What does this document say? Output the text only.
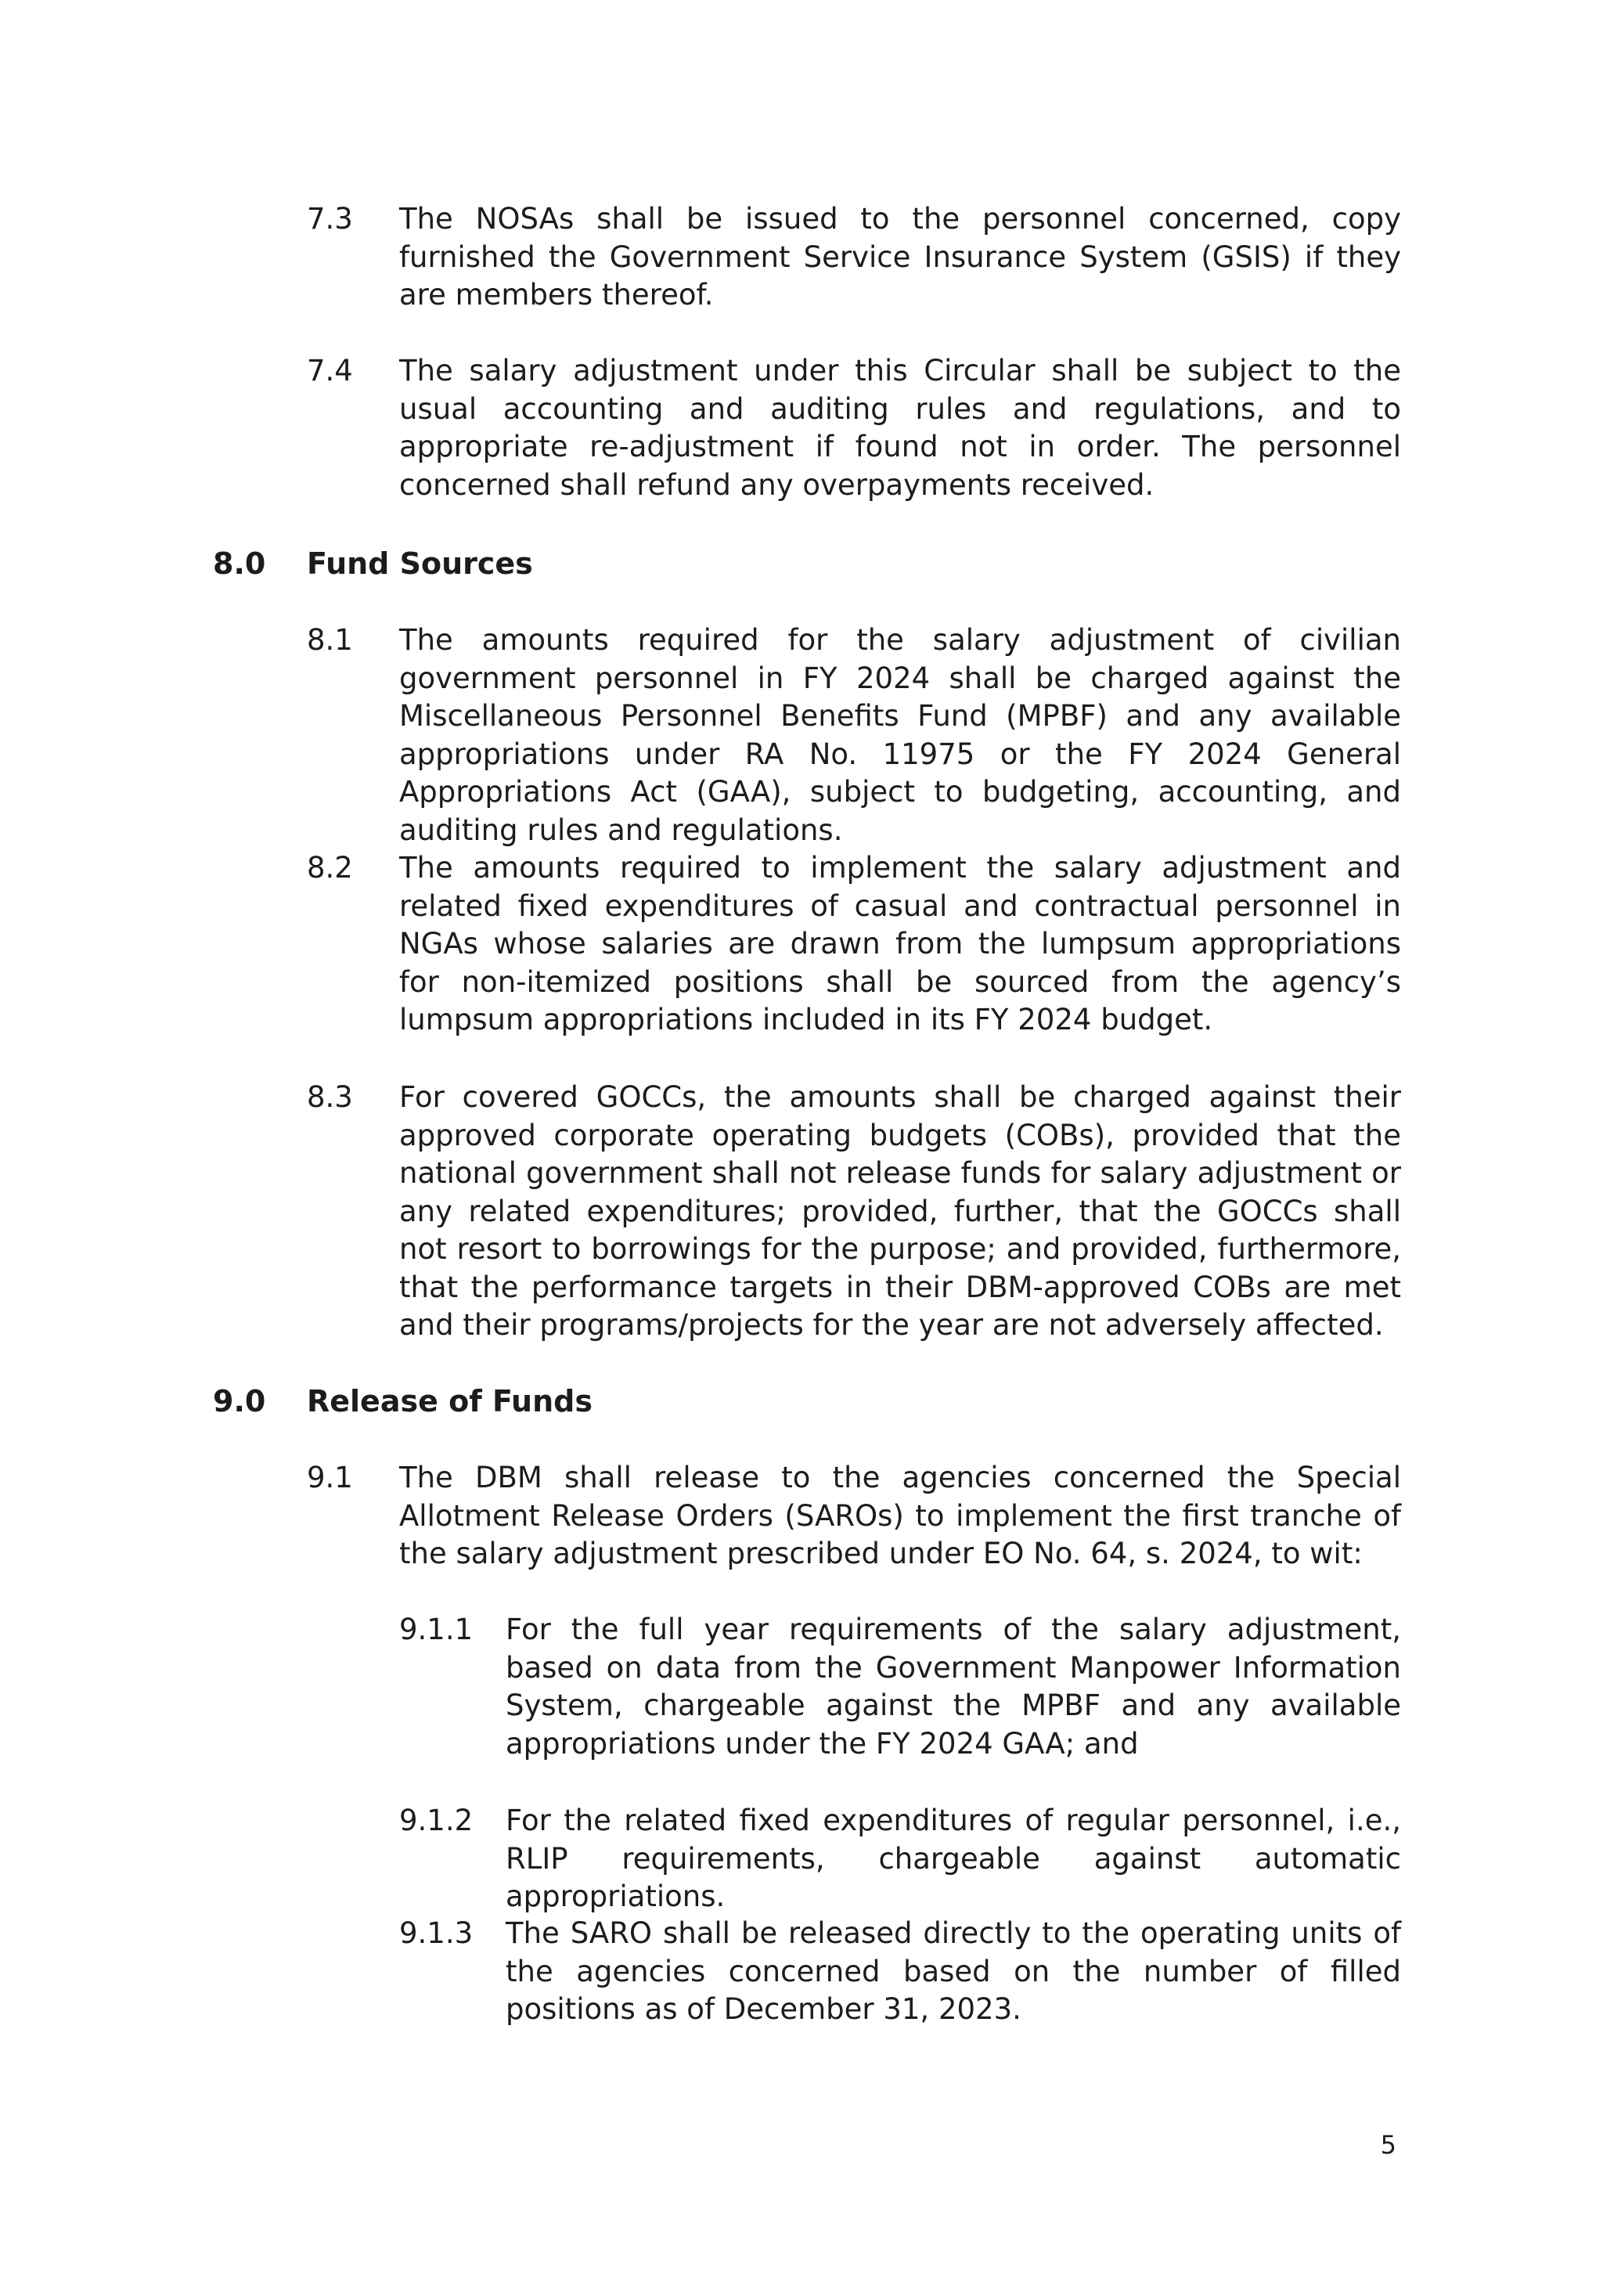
7.3 The NOSAs shall be issued to the personnel concerned, copy furnished the Government Service Insurance System (GSIS) if they are members thereof.
7.4 The salary adjustment under this Circular shall be subject to the usual accounting and auditing rules and regulations, and to appropriate re-adjustment if found not in order. The personnel concerned shall refund any overpayments received.
8.0 Fund Sources
8.1 The amounts required for the salary adjustment of civilian government personnel in FY 2024 shall be charged against the Miscellaneous Personnel Benefits Fund (MPBF) and any available appropriations under RA No. 11975 or the FY 2024 General Appropriations Act (GAA), subject to budgeting, accounting, and auditing rules and regulations.
8.2 The amounts required to implement the salary adjustment and related fixed expenditures of casual and contractual personnel in NGAs whose salaries are drawn from the lumpsum appropriations for non-itemized positions shall be sourced from the agency’s lumpsum appropriations included in its FY 2024 budget.
8.3 For covered GOCCs, the amounts shall be charged against their approved corporate operating budgets (COBs), provided that the national government shall not release funds for salary adjustment or any related expenditures; provided, further, that the GOCCs shall not resort to borrowings for the purpose; and provided, furthermore, that the performance targets in their DBM-approved COBs are met and their programs/projects for the year are not adversely affected.
9.0 Release of Funds
9.1 The DBM shall release to the agencies concerned the Special Allotment Release Orders (SAROs) to implement the first tranche of the salary adjustment prescribed under EO No. 64, s. 2024, to wit:
9.1.1 For the full year requirements of the salary adjustment, based on data from the Government Manpower Information System, chargeable against the MPBF and any available appropriations under the FY 2024 GAA; and
9.1.2 For the related fixed expenditures of regular personnel, i.e., RLIP requirements, chargeable against automatic appropriations.
9.1.3 The SARO shall be released directly to the operating units of the agencies concerned based on the number of filled positions as of December 31, 2023.
5
